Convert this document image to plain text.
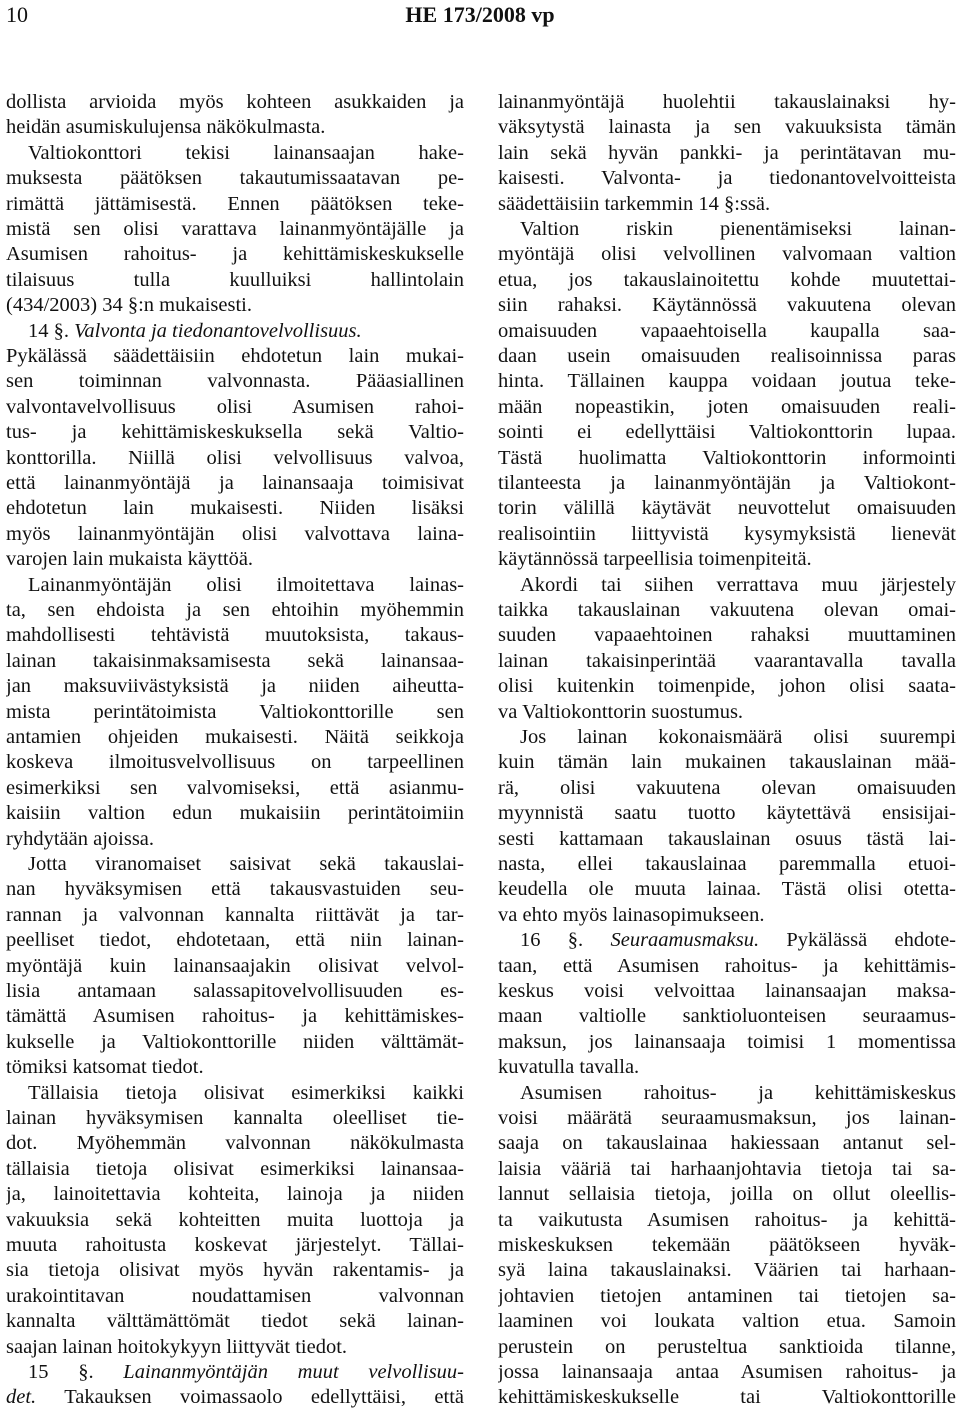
10	HE 173/2008 vp
dollista arvioida myös kohteen asukkaiden ja
heidän asumiskulujensa näkökulmasta.
Valtiokonttori tekisi lainansaajan hake-
muksesta päätöksen takautumissaatavan pe-
rimättä jättämisestä. Ennen päätöksen teke-
mistä sen olisi varattava lainanmyöntäjälle ja
Asumisen rahoitus- ja kehittämiskeskukselle
tilaisuus tulla kuulluiksi hallintolain
(434/2003) 34 §:n mukaisesti.
14 §. Valvonta ja tiedonantovelvollisuus.
Pykälässä säädettäisiin ehdotetun lain mukai-
sen toiminnan valvonnasta. Pääasiallinen
valvontavelvollisuus olisi Asumisen rahoi-
tus- ja kehittämiskeskuksella sekä Valtio-
konttorilla. Niillä olisi velvollisuus valvoa,
että lainanmyöntäjä ja lainansaaja toimisivat
ehdotetun lain mukaisesti. Niiden lisäksi
myös lainanmyöntäjän olisi valvottava laina-
varojen lain mukaista käyttöä.
Lainanmyöntäjän olisi ilmoitettava lainas-
ta, sen ehdoista ja sen ehtoihin myöhemmin
mahdollisesti tehtävistä muutoksista, takaus-
lainan takaisinmaksamisesta sekä lainansaa-
jan maksuviivästyksistä ja niiden aiheutta-
mista perintätoimista Valtiokonttorille sen
antamien ohjeiden mukaisesti. Näitä seikkoja
koskeva ilmoitusvelvollisuus on tarpeellinen
esimerkiksi sen valvomiseksi, että asianmu-
kaisiin valtion edun mukaisiin perintätoimiin
ryhdytään ajoissa.
Jotta viranomaiset saisivat sekä takauslai-
nan hyväksymisen että takausvastuiden seu-
rannan ja valvonnan kannalta riittävät ja tar-
peelliset tiedot, ehdotetaan, että niin lainan-
myöntäjä kuin lainansaajakin olisivat velvol-
lisia antamaan salassapitovelvollisuuden es-
tämättä Asumisen rahoitus- ja kehittämiskes-
kukselle ja Valtiokonttorille niiden välttämät-
tömiksi katsomat tiedot.
Tällaisia tietoja olisivat esimerkiksi kaikki
lainan hyväksymisen kannalta oleelliset tie-
dot. Myöhemmän valvonnan näkökulmasta
tällaisia tietoja olisivat esimerkiksi lainansaa-
ja, lainoitettavia kohteita, lainoja ja niiden
vakuuksia sekä kohteitten muita luottoja ja
muuta rahoitusta koskevat järjestelyt. Tällai-
sia tietoja olisivat myös hyvän rakentamis- ja
urakointitavan noudattamisen valvonnan
kannalta välttämättömät tiedot sekä lainan-
saajan lainan hoitokykyyn liittyvät tiedot.
15 §. Lainanmyöntäjän muut velvollisuu-
det. Takauksen voimassaolo edellyttäisi, että
lainanmyöntäjä huolehtii takauslainaksi hy-
väksytystä lainasta ja sen vakuuksista tämän
lain sekä hyvän pankki- ja perintätavan mu-
kaisesti. Valvonta- ja tiedonantovelvoitteista
säädettäisiin tarkemmin 14 §:ssä.
Valtion riskin pienentämiseksi lainan-
myöntäjä olisi velvollinen valvomaan valtion
etua, jos takauslainoitettu kohde muutettai-
siin rahaksi. Käytännössä vakuutena olevan
omaisuuden vapaaehtoisella kaupalla saa-
daan usein omaisuuden realisoinnissa paras
hinta. Tällainen kauppa voidaan joutua teke-
mään nopeastikin, joten omaisuuden reali-
sointi ei edellyttäisi Valtiokonttorin lupaa.
Tästä huolimatta Valtiokonttorin informointi
tilanteesta ja lainanmyöntäjän ja Valtiokont-
torin välillä käytävät neuvottelut omaisuuden
realisointiin liittyvistä kysymyksistä lienevät
käytännössä tarpeellisia toimenpiteitä.
Akordi tai siihen verrattava muu järjestely
taikka takauslainan vakuutena olevan omai-
suuden vapaaehtoinen rahaksi muuttaminen
lainan takaisinperintää vaarantavalla tavalla
olisi kuitenkin toimenpide, johon olisi saata-
va Valtiokonttorin suostumus.
Jos lainan kokonaismäärä olisi suurempi
kuin tämän lain mukainen takauslainan mää-
rä, olisi vakuutena olevan omaisuuden
myynnistä saatu tuotto käytettävä ensisijai-
sesti kattamaan takauslainan osuus tästä lai-
nasta, ellei takauslainaa paremmalla etuoi-
keudella ole muuta lainaa. Tästä olisi otetta-
va ehto myös lainasopimukseen.
16 §. Seuraamusmaksu. Pykälässä ehdote-
taan, että Asumisen rahoitus- ja kehittämis-
keskus voisi velvoittaa lainansaajan maksa-
maan valtiolle sanktioluonteisen seuraamus-
maksun, jos lainansaaja toimisi 1 momentissa
kuvatulla tavalla.
Asumisen rahoitus- ja kehittämiskeskus
voisi määrätä seuraamusmaksun, jos lainan-
saaja on takauslainaa hakiessaan antanut sel-
laisia vääriä tai harhaanjohtavia tietoja tai sa-
lannut sellaisia tietoja, joilla on ollut oleellis-
ta vaikutusta Asumisen rahoitus- ja kehittä-
miskeskuksen tekemään päätökseen hyväk-
syä laina takauslainaksi. Väärien tai harhaan-
johtavien tietojen antaminen tai tietojen sa-
laaminen voi loukata valtion etua. Samoin
perustein on perusteltua sanktioida tilanne,
jossa lainansaaja antaa Asumisen rahoitus- ja
kehittämiskeskukselle tai Valtiokonttorille
